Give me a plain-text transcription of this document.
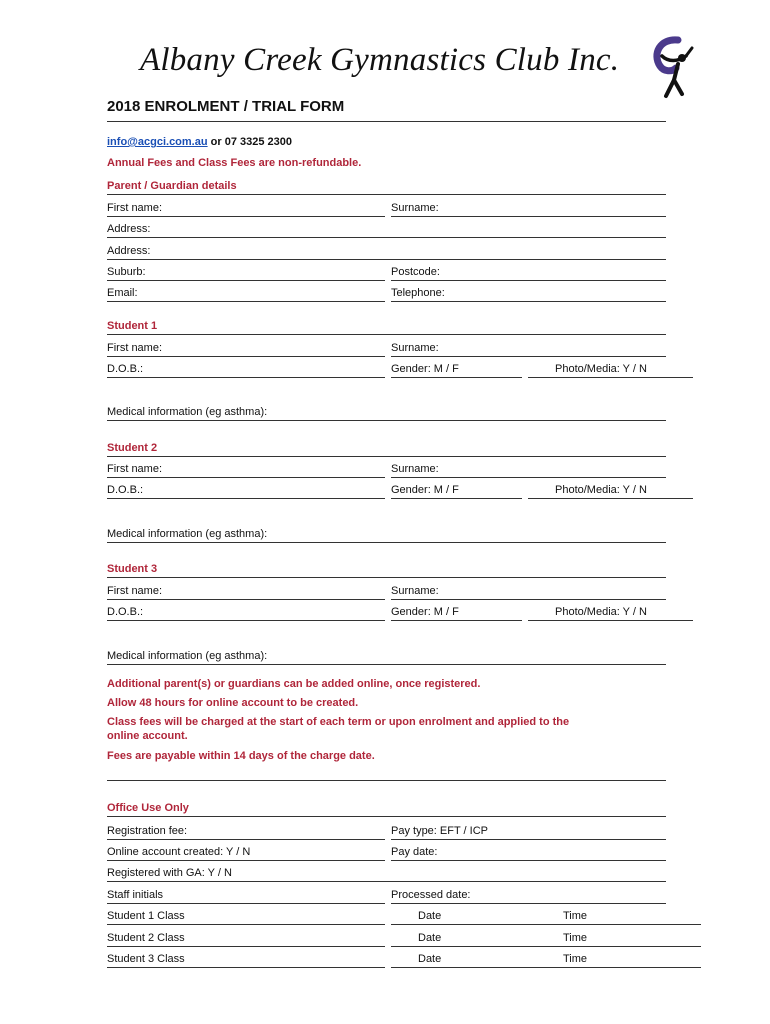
Albany Creek Gymnastics Club Inc.
2018 ENROLMENT / TRIAL FORM
info@acgci.com.au or 07 3325 2300
Annual Fees and Class Fees are non-refundable.
Parent / Guardian details
First name:	Surname:
Address:
Address:
Suburb:	Postcode:
Email:	Telephone:
Student 1
First name:	Surname:
D.O.B.:	Gender: M / F	Photo/Media: Y / N
Medical information (eg asthma):
Student 2
First name:	Surname:
D.O.B.:	Gender: M / F	Photo/Media: Y / N
Medical information (eg asthma):
Student 3
First name:	Surname:
D.O.B.:	Gender: M / F	Photo/Media: Y / N
Medical information (eg asthma):
Additional parent(s) or guardians can be added online, once registered.
Allow 48 hours for online account to be created.
Class fees will be charged at the start of each term or upon enrolment and applied to the
online account.
Fees are payable within 14 days of the charge date.
Office Use Only
Registration fee:	Pay type: EFT / ICP
Online account created: Y / N	Pay date:
Registered with GA: Y / N
Staff initials	Processed date:
Student 1 Class	Date	Time
Student 2 Class	Date	Time
Student 3 Class	Date	Time
